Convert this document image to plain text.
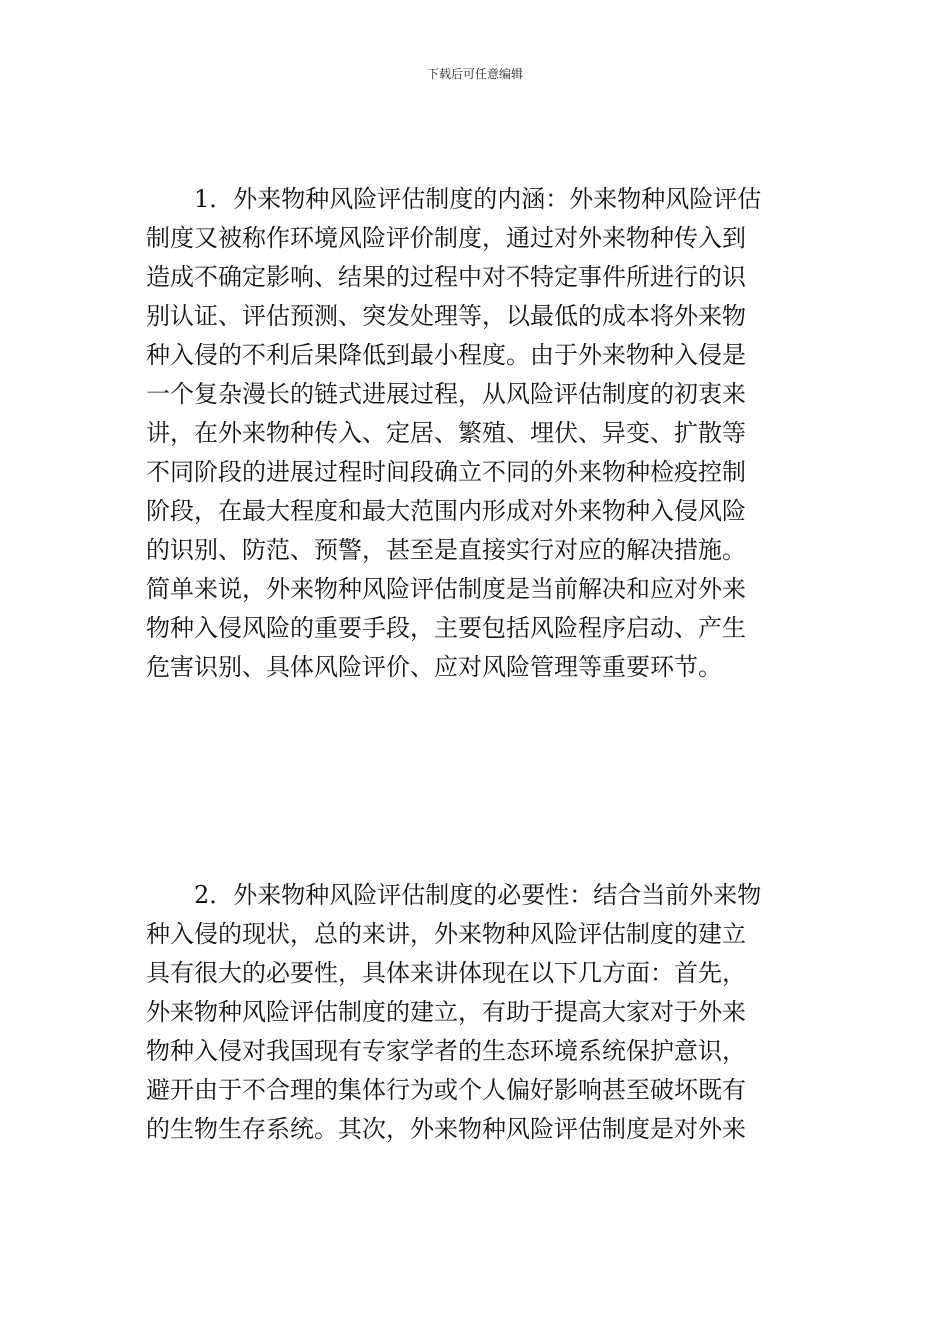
下载后可任意编辑
1．外来物种风险评估制度的内涵：外来物种风险评估
制度又被称作环境风险评价制度，通过对外来物种传入到
造成不确定影响、结果的过程中对不特定事件所进行的识
别认证、评估预测、突发处理等，以最低的成本将外来物
种入侵的不利后果降低到最小程度。由于外来物种入侵是
一个复杂漫长的链式进展过程，从风险评估制度的初衷来
讲，在外来物种传入、定居、繁殖、埋伏、异变、扩散等
不同阶段的进展过程时间段确立不同的外来物种检疫控制
阶段，在最大程度和最大范围内形成对外来物种入侵风险
的识别、防范、预警，甚至是直接实行对应的解决措施。
简单来说，外来物种风险评估制度是当前解决和应对外来
物种入侵风险的重要手段，主要包括风险程序启动、产生
危害识别、具体风险评价、应对风险管理等重要环节。
2．外来物种风险评估制度的必要性：结合当前外来物
种入侵的现状，总的来讲，外来物种风险评估制度的建立
具有很大的必要性，具体来讲体现在以下几方面：首先，
外来物种风险评估制度的建立，有助于提高大家对于外来
物种入侵对我国现有专家学者的生态环境系统保护意识，
避开由于不合理的集体行为或个人偏好影响甚至破坏既有
的生物生存系统。其次，外来物种风险评估制度是对外来
